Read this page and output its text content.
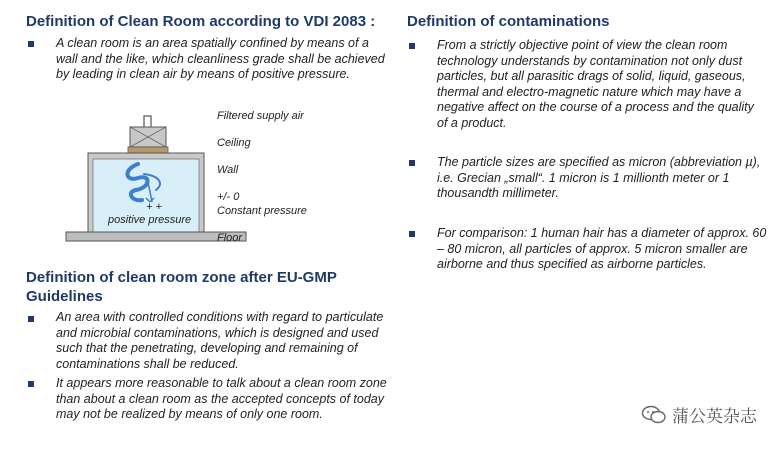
Definition of Clean Room according to VDI 2083 :
A clean room is an area spatially confined by means of a wall and the like, which cleanliness grade shall be achieved by leading in clean air by means of positive pressure.
+ +
positive pressure
Filtered supply air
Ceiling
Wall
+/- 0
Constant pressure
Floor
Definition of clean room zone after EU-GMP Guidelines
An area with controlled conditions with regard to particulate and microbial contaminations, which is designed and used such that the penetrating, developing and remaining of contaminations shall be reduced.
It appears more reasonable to talk about a clean room zone than about a clean room as the accepted concepts of today may not be realized by means of only one room.
Definition of contaminations
From a strictly objective point of view the clean room technology understands by contamination not only dust particles, but all parasitic drags of solid, liquid, gaseous, thermal and electro-magnetic nature which may have a negative affect on the course of a process and the quality of a product.
The particle sizes are specified as micron (abbreviation µ), i.e. Grecian „small“. 1 micron is 1 millionth meter or 1 thousandth millimeter.
For comparison: 1 human hair has a diameter of approx. 60 – 80 micron, all particles of approx. 5 micron smaller are airborne and thus specified as airborne particles.
蒲公英杂志
